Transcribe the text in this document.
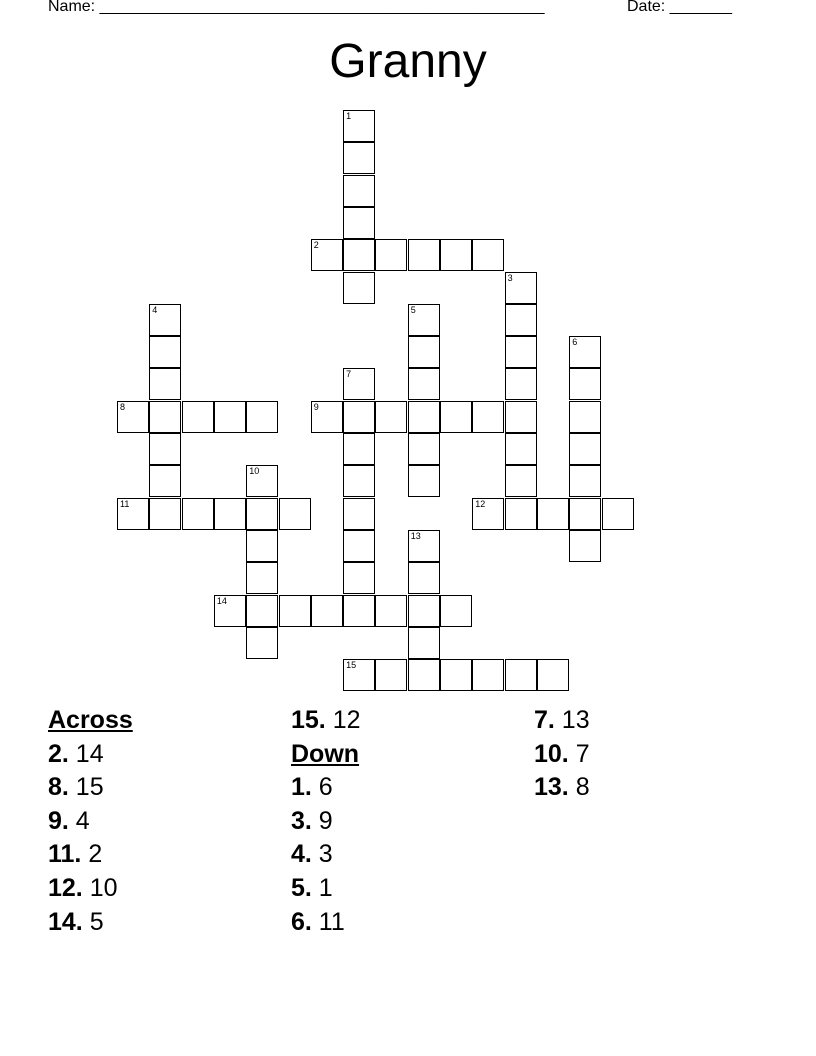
Name: __________________________________________________	Date: _______
Granny
1
2
3
4	5
6
7
8	9
10
11	12
13
14
15
Across
2. 14
8. 15
9. 4
11. 2
12. 10
14. 5
15. 12
Down
1. 6
3. 9
4. 3
5. 1
6. 11
7. 13
10. 7
13. 8
